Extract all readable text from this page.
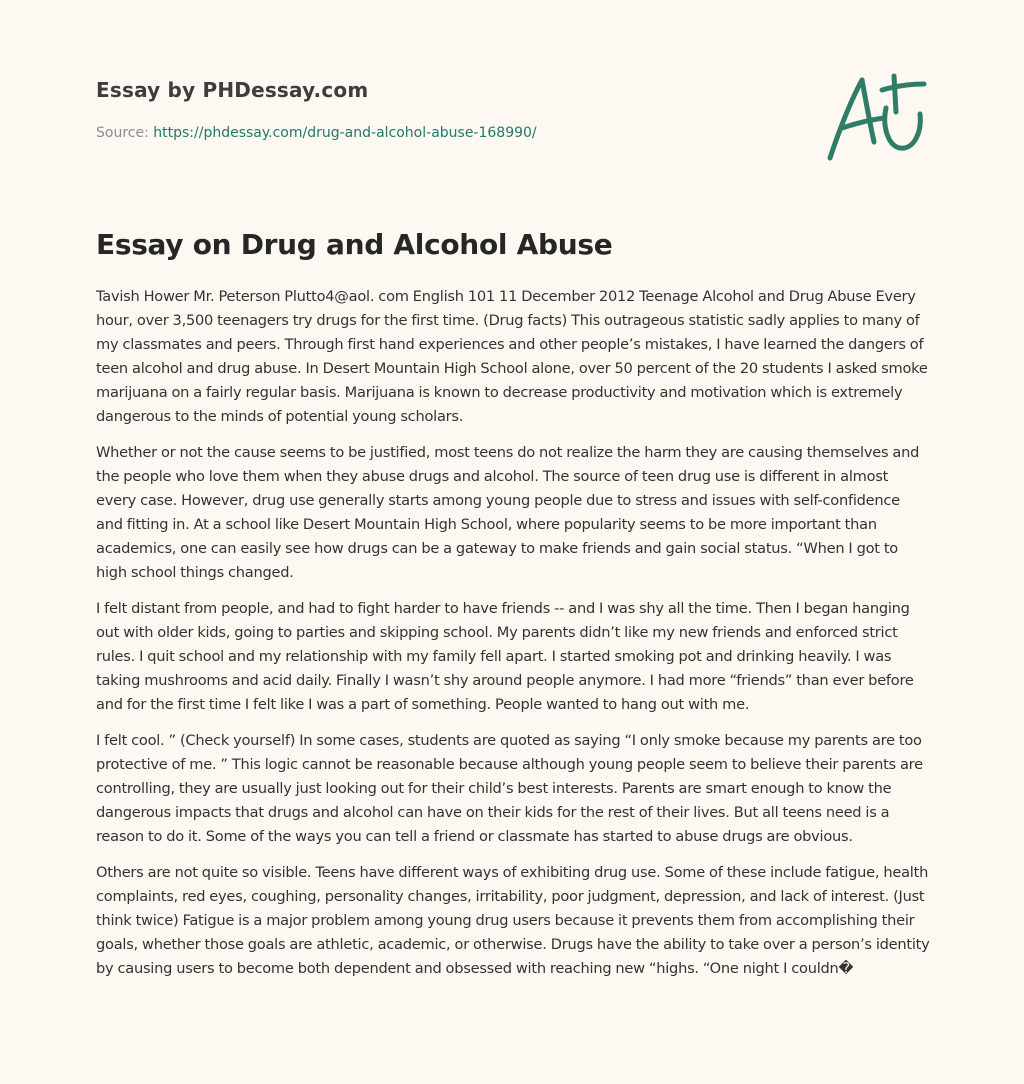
Essay by PHDessay.com
Source: https://phdessay.com/drug-and-alcohol-abuse-168990/
Essay on Drug and Alcohol Abuse

Tavish Hower Mr. Peterson Plutto4@aol. com English 101 11 December 2012 Teenage Alcohol and Drug Abuse Every hour, over 3,500 teenagers try drugs for the first time. (Drug facts) This outrageous statistic sadly applies to many of my classmates and peers. Through first hand experiences and other people’s mistakes, I have learned the dangers of teen alcohol and drug abuse. In Desert Mountain High School alone, over 50 percent of the 20 students I asked smoke marijuana on a fairly regular basis. Marijuana is known to decrease productivity and motivation which is extremely dangerous to the minds of potential young scholars.

Whether or not the cause seems to be justified, most teens do not realize the harm they are causing themselves and the people who love them when they abuse drugs and alcohol. The source of teen drug use is different in almost every case. However, drug use generally starts among young people due to stress and issues with self-confidence and fitting in. At a school like Desert Mountain High School, where popularity seems to be more important than academics, one can easily see how drugs can be a gateway to make friends and gain social status. “When I got to high school things changed.

I felt distant from people, and had to fight harder to have friends -- and I was shy all the time. Then I began hanging out with older kids, going to parties and skipping school. My parents didn’t like my new friends and enforced strict rules. I quit school and my relationship with my family fell apart. I started smoking pot and drinking heavily. I was taking mushrooms and acid daily. Finally I wasn’t shy around people anymore. I had more “friends” than ever before and for the first time I felt like I was a part of something. People wanted to hang out with me.

I felt cool. ” (Check yourself) In some cases, students are quoted as saying “I only smoke because my parents are too protective of me. ” This logic cannot be reasonable because although young people seem to believe their parents are controlling, they are usually just looking out for their child’s best interests. Parents are smart enough to know the dangerous impacts that drugs and alcohol can have on their kids for the rest of their lives. But all teens need is a reason to do it. Some of the ways you can tell a friend or classmate has started to abuse drugs are obvious.

Others are not quite so visible. Teens have different ways of exhibiting drug use. Some of these include fatigue, health complaints, red eyes, coughing, personality changes, irritability, poor judgment, depression, and lack of interest. (Just think twice) Fatigue is a major problem among young drug users because it prevents them from accomplishing their goals, whether those goals are athletic, academic, or otherwise. Drugs have the ability to take over a person’s identity by causing users to become both dependent and obsessed with reaching new “highs. “One night I couldn�
